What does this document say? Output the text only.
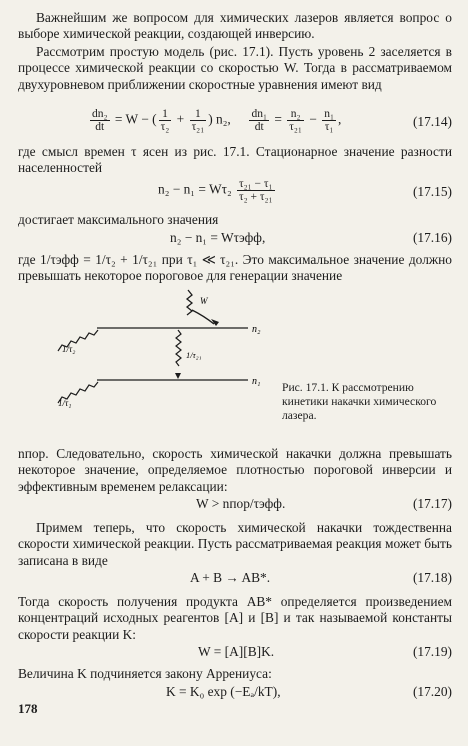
Важнейшим же вопросом для химических лазеров является вопрос о выборе химической реакции, создающей инверсию.

Рассмотрим простую модель (рис. 17.1). Пусть уровень 2 заселяется в процессе химической реакции со скоростью W. Тогда в рассматриваемом двухуровневом приближении скоростные уравнения имеют вид

$\frac{\text{dn₂}}{dt} = W$ − ( $\frac{1}{\text{τ₂}} + \frac{1}{\text{τ₂₁}}$ ) n₂, $\frac{\text{dn₁}}{dt} = \frac{\text{n₂}}{\text{τ₂₁}} - \frac{\text{n₁}}{\text{τ₁}}$ ,	(17.14)

где смысл времен τ ясен из рис. 17.1. Стационарное значение разности населенностей

$n_2 - n_1 = W\tau_2 \frac{\text{τ₂₁ − τ₁}}{\text{τ₂ + τ₂₁}}$	(17.15)

достигает максимального значения

n₂ − n₁ = Wτэфф,	(17.16)

где 1/τэфф = 1/τ₂ + 1/τ₂₁ при τ₁ ≪ τ₂₁. Это максимальное значение должно превышать некоторое пороговое для генерации значение

n₂
n₁
W
1/τ₂₁
1/τ₂
1/τ₁
Рис. 17.1. К рассмотрению кинетики накачки химического лазера.

nпор. Следовательно, скорость химической накачки должна превышать некоторое значение, определяемое плотностью пороговой инверсии и эффективным временем релаксации:

W > nпор/τэфф.	(17.17)

Примем теперь, что скорость химической накачки тождественна скорости химической реакции. Пусть рассматриваемая реакция может быть записана в виде

A + B → AB*.	(17.18)

Тогда скорость получения продукта AB* определяется произведением концентраций исходных реагентов [A] и [B] и так называемой константы скорости реакции K:

W = [A][B]K.	(17.19)

Величина K подчиняется закону Аррениуса:

K = K₀ exp (−Eₐ/kT),	(17.20)
178
